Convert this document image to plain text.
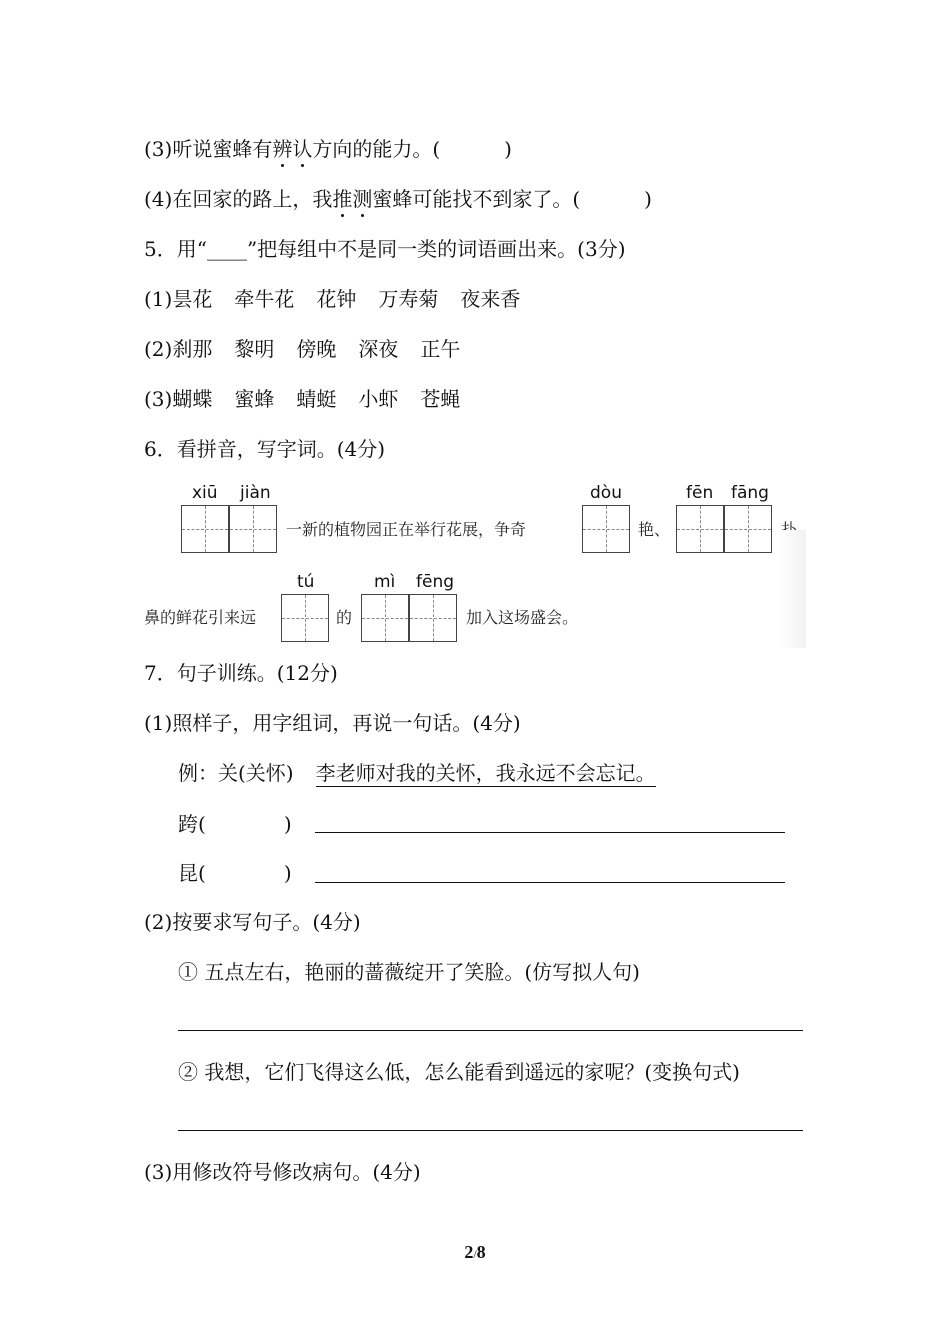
(3)听说蜜蜂有辨认方向的能力。(	)
(4)在回家的路上，我推测蜜蜂可能找不到家了。(	)
5．用“____”把每组中不是同一类的词语画出来。(3分)
(1)昙花 牵牛花 花钟 万寿菊 夜来香
(2)刹那 黎明 傍晚 深夜 正午
(3)蝴蝶 蜜蜂 蜻蜓 小虾 苍蝇
6．看拼音，写字词。(4分)
xiū jiàn
一新的植物园正在举行花展，争奇
dòu
艳、
fēn fāng
鼻的鲜花引来远
tú
的
mì fēng
加入这场盛会。
7．句子训练。(12分)
(1)照样子，用字组词，再说一句话。(4分)
例：关(关怀) 李老师对我的关怀，我永远不会忘记。
跨(	)
昆(	)
(2)按要求写句子。(4分)
① 五点左右，艳丽的蔷薇绽开了笑脸。(仿写拟人句)
② 我想，它们飞得这么低，怎么能看到遥远的家呢？(变换句式)
(3)用修改符号修改病句。(4分)
2/8
